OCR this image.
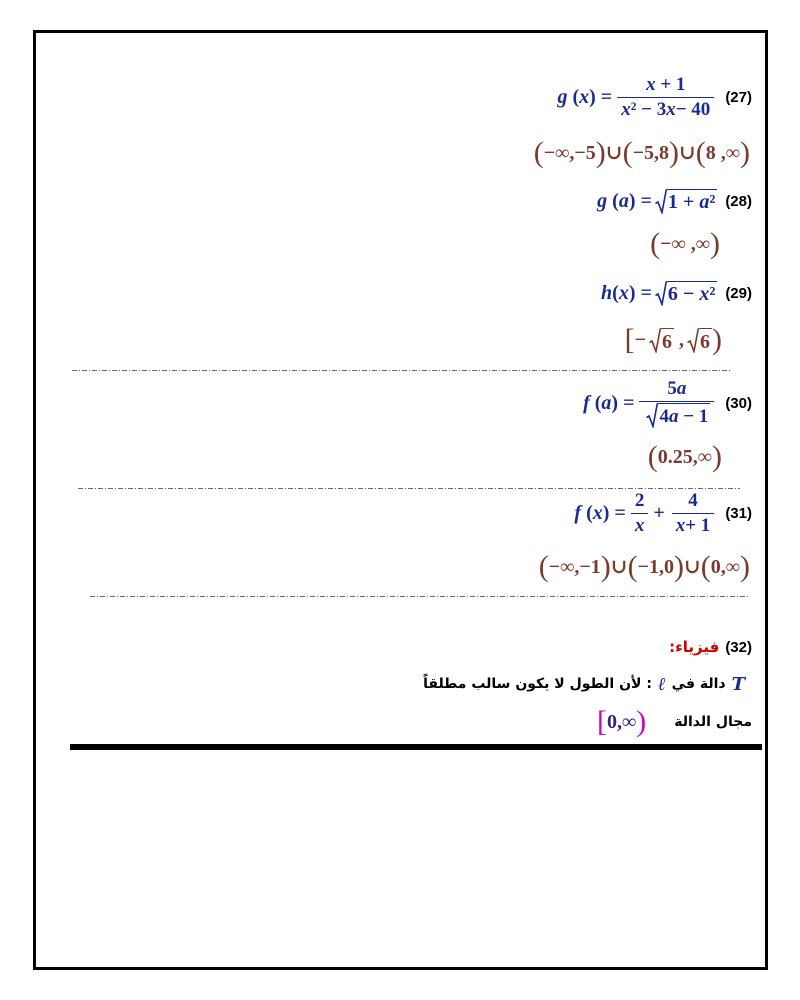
g $(x) = \frac{x + 1}{\text{x ² − 3 x − 40}} (27)$
(−∞,−5)∪(−5,8)∪(8 ,∞)
g (a) = 1 + a² (28)
(−∞ ,∞)
h(x) = 6 − x² (29)
[− 6 , 6 )
f $(a) = \frac{5a}{4a - 1} (30)$
(0.25,∞)
f $(x) = \frac{2}{x} + \frac{4}{x + 1} (31)$
(−∞,−1)∪(−1,0)∪(0,∞)
(32)
فيزياء:
T
دالة في
ℓ
: لأن الطول لا يكون سالب مطلقاً
مجال الدالة
[0,∞)
